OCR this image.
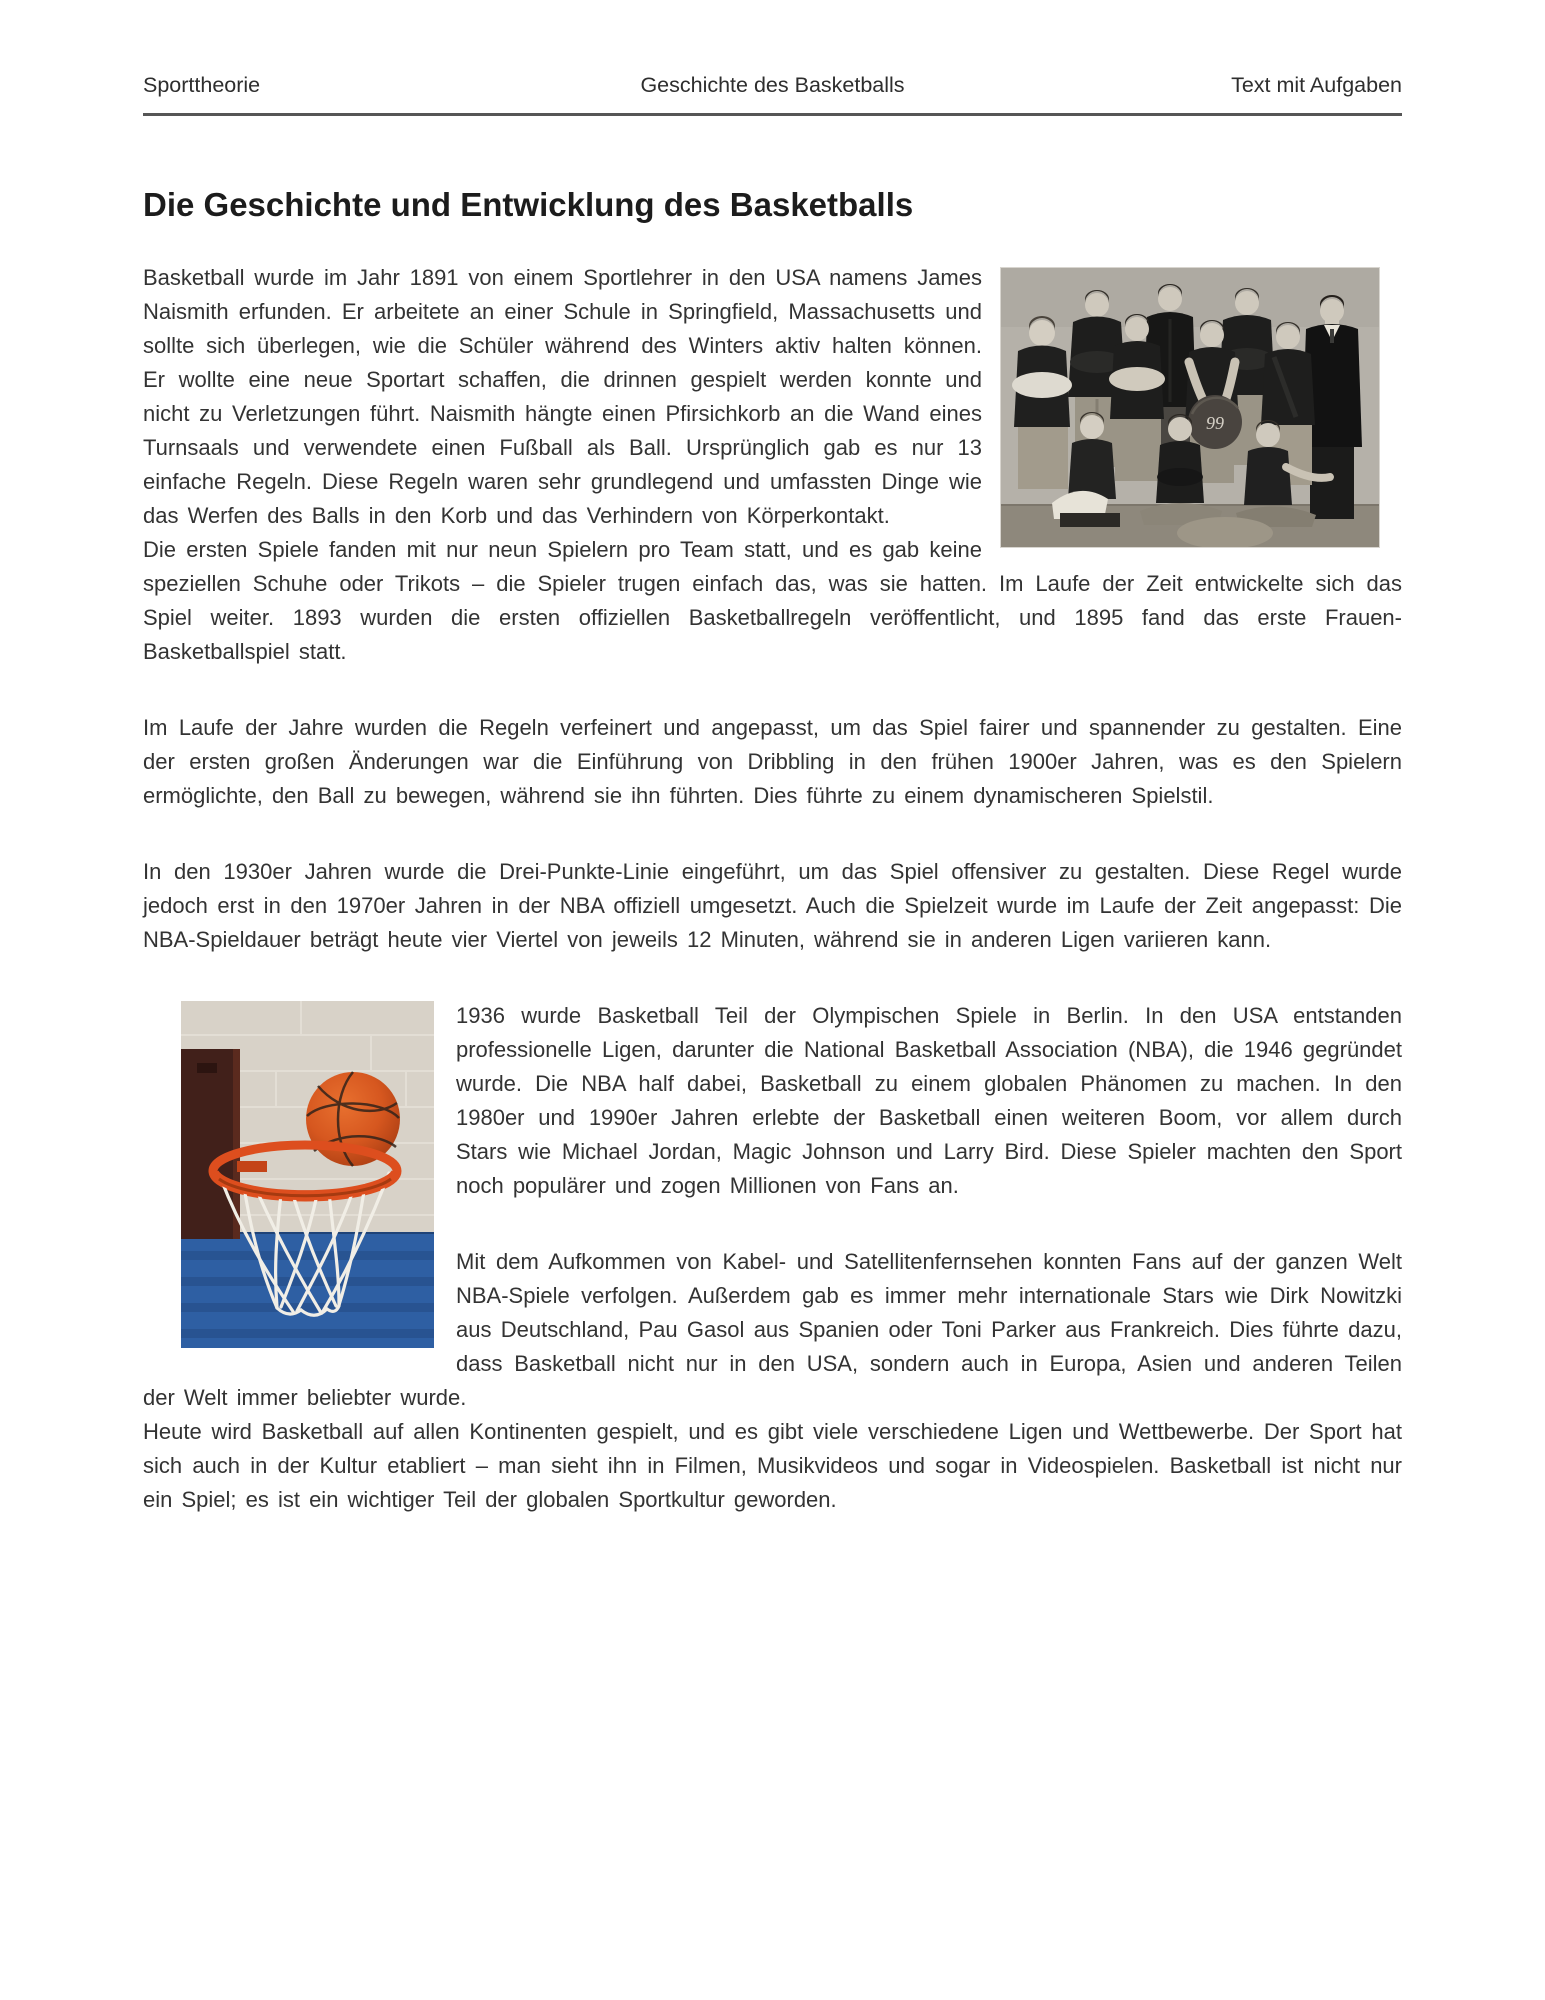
Sporttheorie	Geschichte des Basketballs	Text mit Aufgaben
Die Geschichte und Entwicklung des Basketballs
99

Basketball wurde im Jahr 1891 von einem Sportlehrer in den USA namens James Naismith erfunden. Er arbeitete an einer Schule in Springfield, Massachusetts und sollte sich überlegen, wie die Schüler während des Winters aktiv halten können. Er wollte eine neue Sportart schaffen, die drinnen gespielt werden konnte und nicht zu Verletzungen führt. Naismith hängte einen Pfirsichkorb an die Wand eines Turnsaals und verwendete einen Fußball als Ball. Ursprünglich gab es nur 13 einfache Regeln. Diese Regeln waren sehr grundlegend und umfassten Dinge wie das Werfen des Balls in den Korb und das Verhindern von Körperkontakt.

Die ersten Spiele fanden mit nur neun Spielern pro Team statt, und es gab keine speziellen Schuhe oder Trikots – die Spieler trugen einfach das, was sie hatten. Im Laufe der Zeit entwickelte sich das Spiel weiter. 1893 wurden die ersten offiziellen Basketballregeln veröffentlicht, und 1895 fand das erste Frauen-Basketballspiel statt.

Im Laufe der Jahre wurden die Regeln verfeinert und angepasst, um das Spiel fairer und spannender zu gestalten. Eine der ersten großen Änderungen war die Einführung von Dribbling in den frühen 1900er Jahren, was es den Spielern ermöglichte, den Ball zu bewegen, während sie ihn führten. Dies führte zu einem dynamischeren Spielstil.

In den 1930er Jahren wurde die Drei-Punkte-Linie eingeführt, um das Spiel offensiver zu gestalten. Diese Regel wurde jedoch erst in den 1970er Jahren in der NBA offiziell umgesetzt. Auch die Spielzeit wurde im Laufe der Zeit angepasst: Die NBA-Spieldauer beträgt heute vier Viertel von jeweils 12 Minuten, während sie in anderen Ligen variieren kann.

1936 wurde Basketball Teil der Olympischen Spiele in Berlin. In den USA entstanden professionelle Ligen, darunter die National Basketball Association (NBA), die 1946 gegründet wurde. Die NBA half dabei, Basketball zu einem globalen Phänomen zu machen. In den 1980er und 1990er Jahren erlebte der Basketball einen weiteren Boom, vor allem durch Stars wie Michael Jordan, Magic Johnson und Larry Bird. Diese Spieler machten den Sport noch populärer und zogen Millionen von Fans an.

Mit dem Aufkommen von Kabel- und Satellitenfernsehen konnten Fans auf der ganzen Welt NBA-Spiele verfolgen. Außerdem gab es immer mehr internationale Stars wie Dirk Nowitzki aus Deutschland, Pau Gasol aus Spanien oder Toni Parker aus Frankreich. Dies führte dazu, dass Basketball nicht nur in den USA, sondern auch in Europa, Asien und anderen Teilen der Welt immer beliebter wurde.

Heute wird Basketball auf allen Kontinenten gespielt, und es gibt viele verschiedene Ligen und Wettbewerbe. Der Sport hat sich auch in der Kultur etabliert – man sieht ihn in Filmen, Musikvideos und sogar in Videospielen. Basketball ist nicht nur ein Spiel; es ist ein wichtiger Teil der globalen Sportkultur geworden.
